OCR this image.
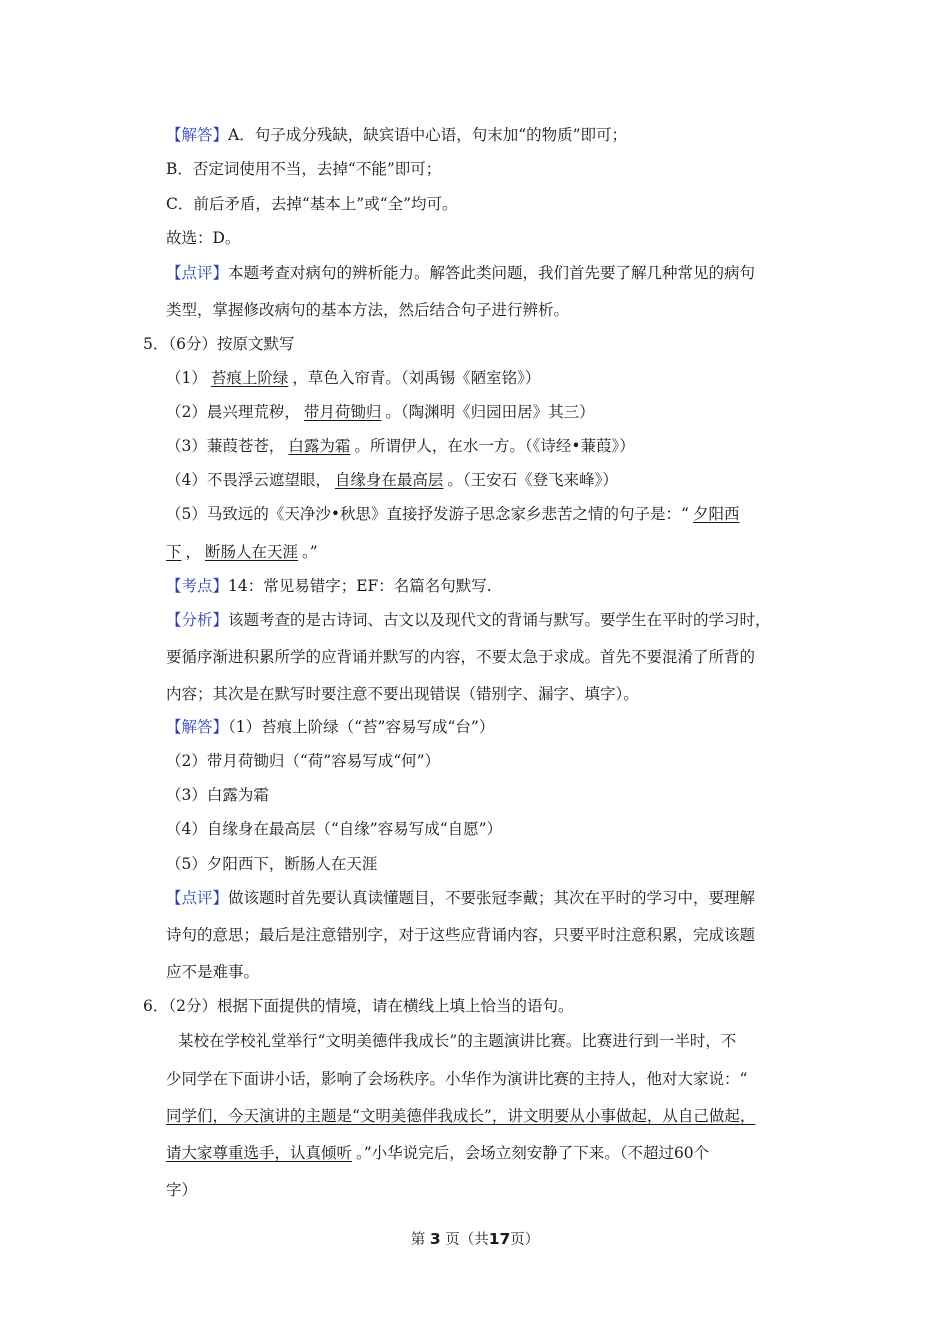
【解答】A．句子成分残缺，缺宾语中心语，句末加“的物质”即可；
B．否定词使用不当，去掉“不能”即可；
C．前后矛盾，去掉“基本上”或“全”均可。
故选：D。
【点评】本题考查对病句的辨析能力。解答此类问题，我们首先要了解几种常见的病句
类型，掌握修改病句的基本方法，然后结合句子进行辨析。
5．（6分）按原文默写
（1） 苔痕上阶绿 ，草色入帘青。（刘禹锡《陋室铭》）
（2）晨兴理荒秽， 带月荷锄归 。（陶渊明《归园田居》其三）
（3）蒹葭苍苍， 白露为霜 。所谓伊人，在水一方。（《诗经•蒹葭》）
（4）不畏浮云遮望眼， 自缘身在最高层 。（王安石《登飞来峰》）
（5）马致远的《天净沙•秋思》直接抒发游子思念家乡悲苦之情的句子是：“ 夕阳西
下 ， 断肠人在天涯 。”
【考点】14：常见易错字；EF：名篇名句默写.
【分析】该题考查的是古诗词、古文以及现代文的背诵与默写。要学生在平时的学习时，
要循序渐进积累所学的应背诵并默写的内容，不要太急于求成。首先不要混淆了所背的
内容；其次是在默写时要注意不要出现错误（错别字、漏字、填字）。
【解答】（1）苔痕上阶绿（“苔”容易写成“台”）
（2）带月荷锄归（“荷”容易写成“何”）
（3）白露为霜
（4）自缘身在最高层（“自缘”容易写成“自愿”）
（5）夕阳西下，断肠人在天涯
【点评】做该题时首先要认真读懂题目，不要张冠李戴；其次在平时的学习中，要理解
诗句的意思；最后是注意错别字，对于这些应背诵内容，只要平时注意积累，完成该题
应不是难事。
6．（2分）根据下面提供的情境，请在横线上填上恰当的语句。
某校在学校礼堂举行“文明美德伴我成长”的主题演讲比赛。比赛进行到一半时，不
少同学在下面讲小话，影响了会场秩序。小华作为演讲比赛的主持人，他对大家说：“
同学们，今天演讲的主题是“文明美德伴我成长”，讲文明要从小事做起，从自己做起，
请大家尊重选手，认真倾听 。”小华说完后，会场立刻安静了下来。（不超过60个
字）
第 3 页（共17页）
